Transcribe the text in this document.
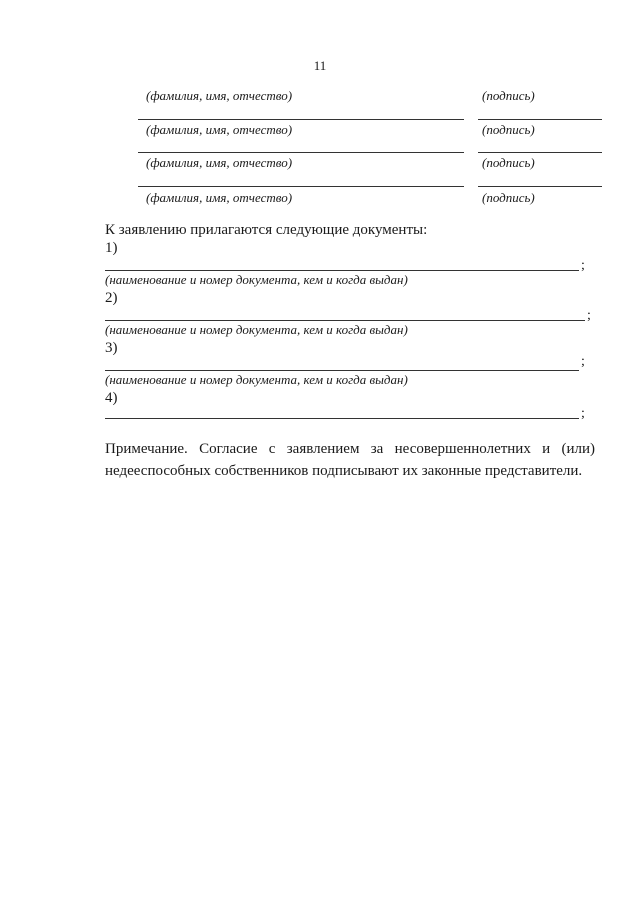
11
(фамилия, имя, отчество)	(подпись)
(фамилия, имя, отчество)	(подпись)
(фамилия, имя, отчество)	(подпись)
(фамилия, имя, отчество)	(подпись)
К заявлению прилагаются следующие документы:
1)
;
(наименование и номер документа, кем и когда выдан)
2)
;
(наименование и номер документа, кем и когда выдан)
3)
;
(наименование и номер документа, кем и когда выдан)
4)
;
Примечание. Согласие с заявлением за несовершеннолетних и (или) недееспособных собственников подписывают их законные представители.
